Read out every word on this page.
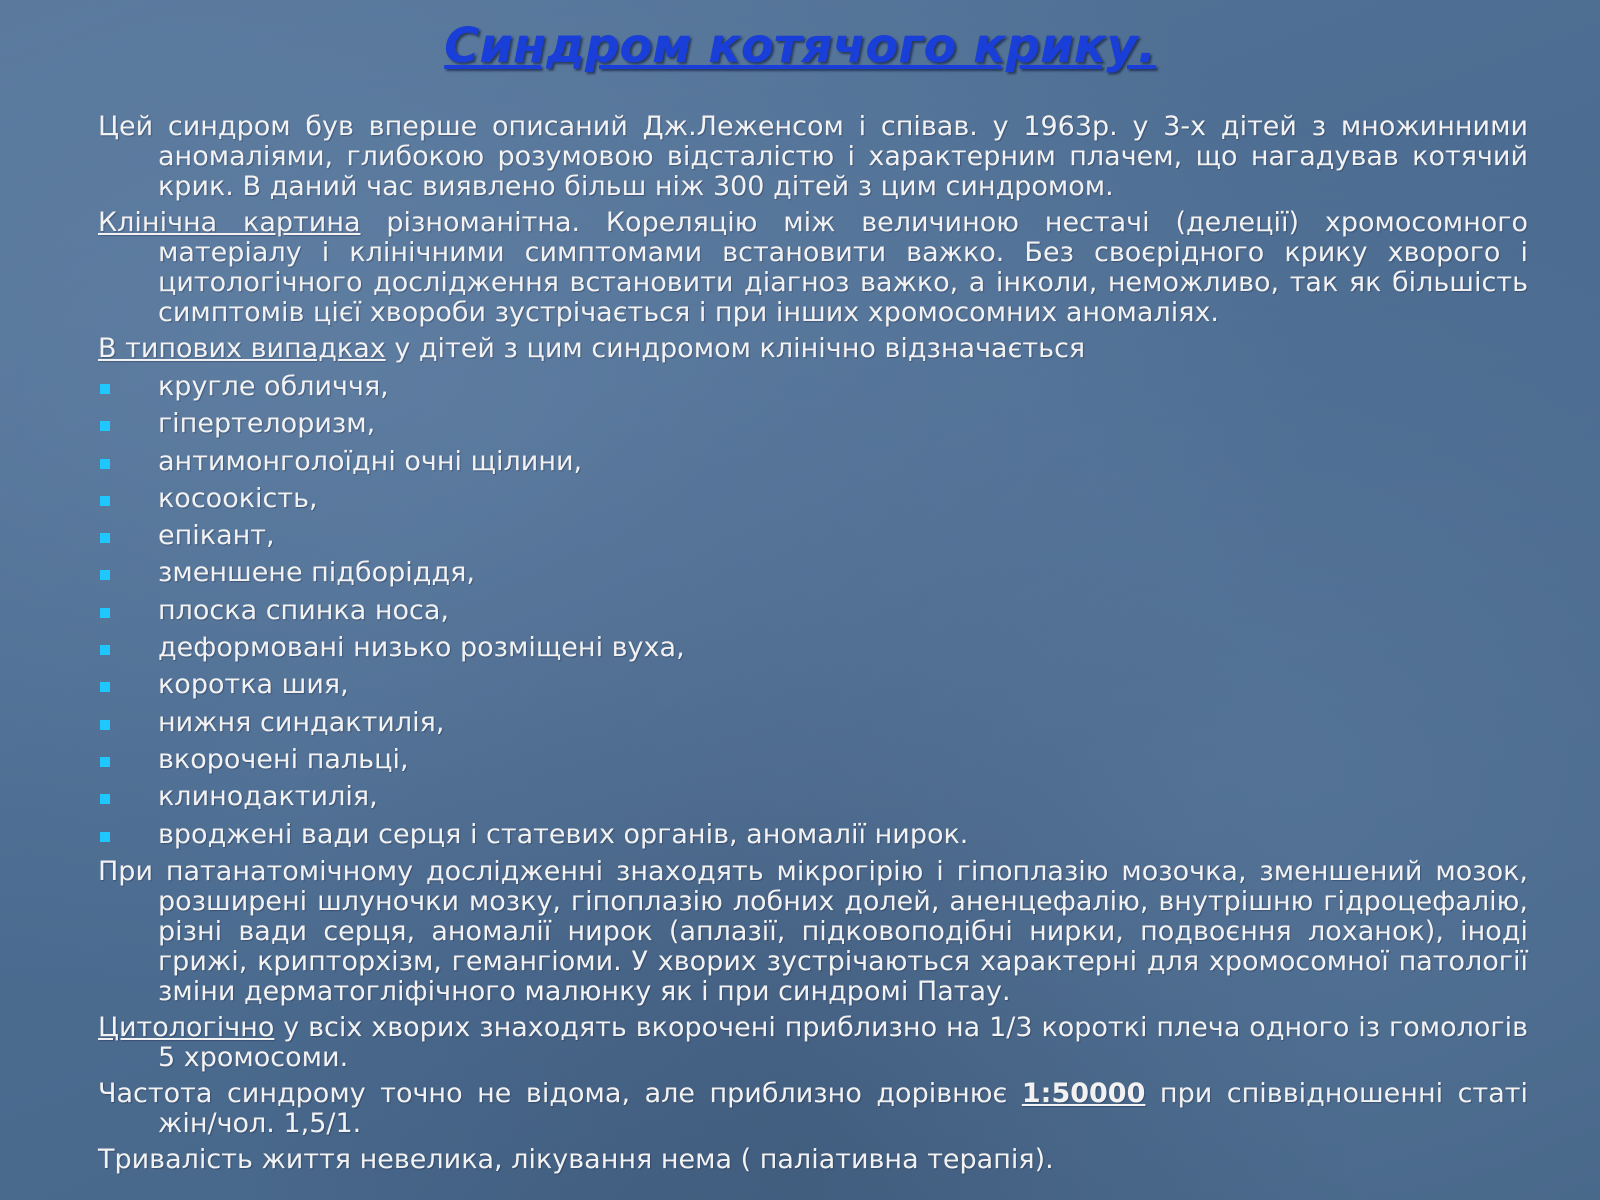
Синдром котячого крику.

Цей синдром був вперше описаний Дж.Леженсом і співав. у 1963р. у 3-х дітей з множинними аномаліями, глибокою розумовою відсталістю і характерним плачем, що нагадував котячий крик. В даний час виявлено більш ніж 300 дітей з цим синдромом.

Клінічна картина різноманітна. Кореляцію між величиною нестачі (делеції) хромосомного матеріалу і клінічними симптомами встановити важко. Без своєрідного крику хворого і цитологічного дослідження встановити діагноз важко, а інколи, неможливо, так як більшість симптомів цієї хвороби зустрічається і при інших хромосомних аномаліях.

В типових випадках у дітей з цим синдромом клінічно відзначається

кругле обличчя,
гіпертелоризм,
антимонголоїдні очні щілини,
косоокість,
епікант,
зменшене підборіддя,
плоска спинка носа,
деформовані низько розміщені вуха,
коротка шия,
нижня синдактилія,
вкорочені пальці,
клинодактилія,
вроджені вади серця і статевих органів, аномалії нирок.

При патанатомічному дослідженні знаходять мікрогірію і гіпоплазію мозочка, зменшений мозок, розширені шлуночки мозку, гіпоплазію лобних долей, аненцефалію, внутрішню гідроцефалію, різні вади серця, аномалії нирок (аплазії, підковоподібні нирки, подвоєння лоханок), іноді грижі, крипторхізм, гемангіоми. У хворих зустрічаються характерні для хромосомної патології зміни дерматогліфічного малюнку як і при синдромі Патау.

Цитологічно у всіх хворих знаходять вкорочені приблизно на 1/3 короткі плеча одного із гомологів 5 хромосоми.

Частота синдрому точно не відома, але приблизно дорівнює 1:50000 при співвідношенні статі жін/чол. 1,5/1.

Тривалість життя невелика, лікування нема ( паліативна терапія).
